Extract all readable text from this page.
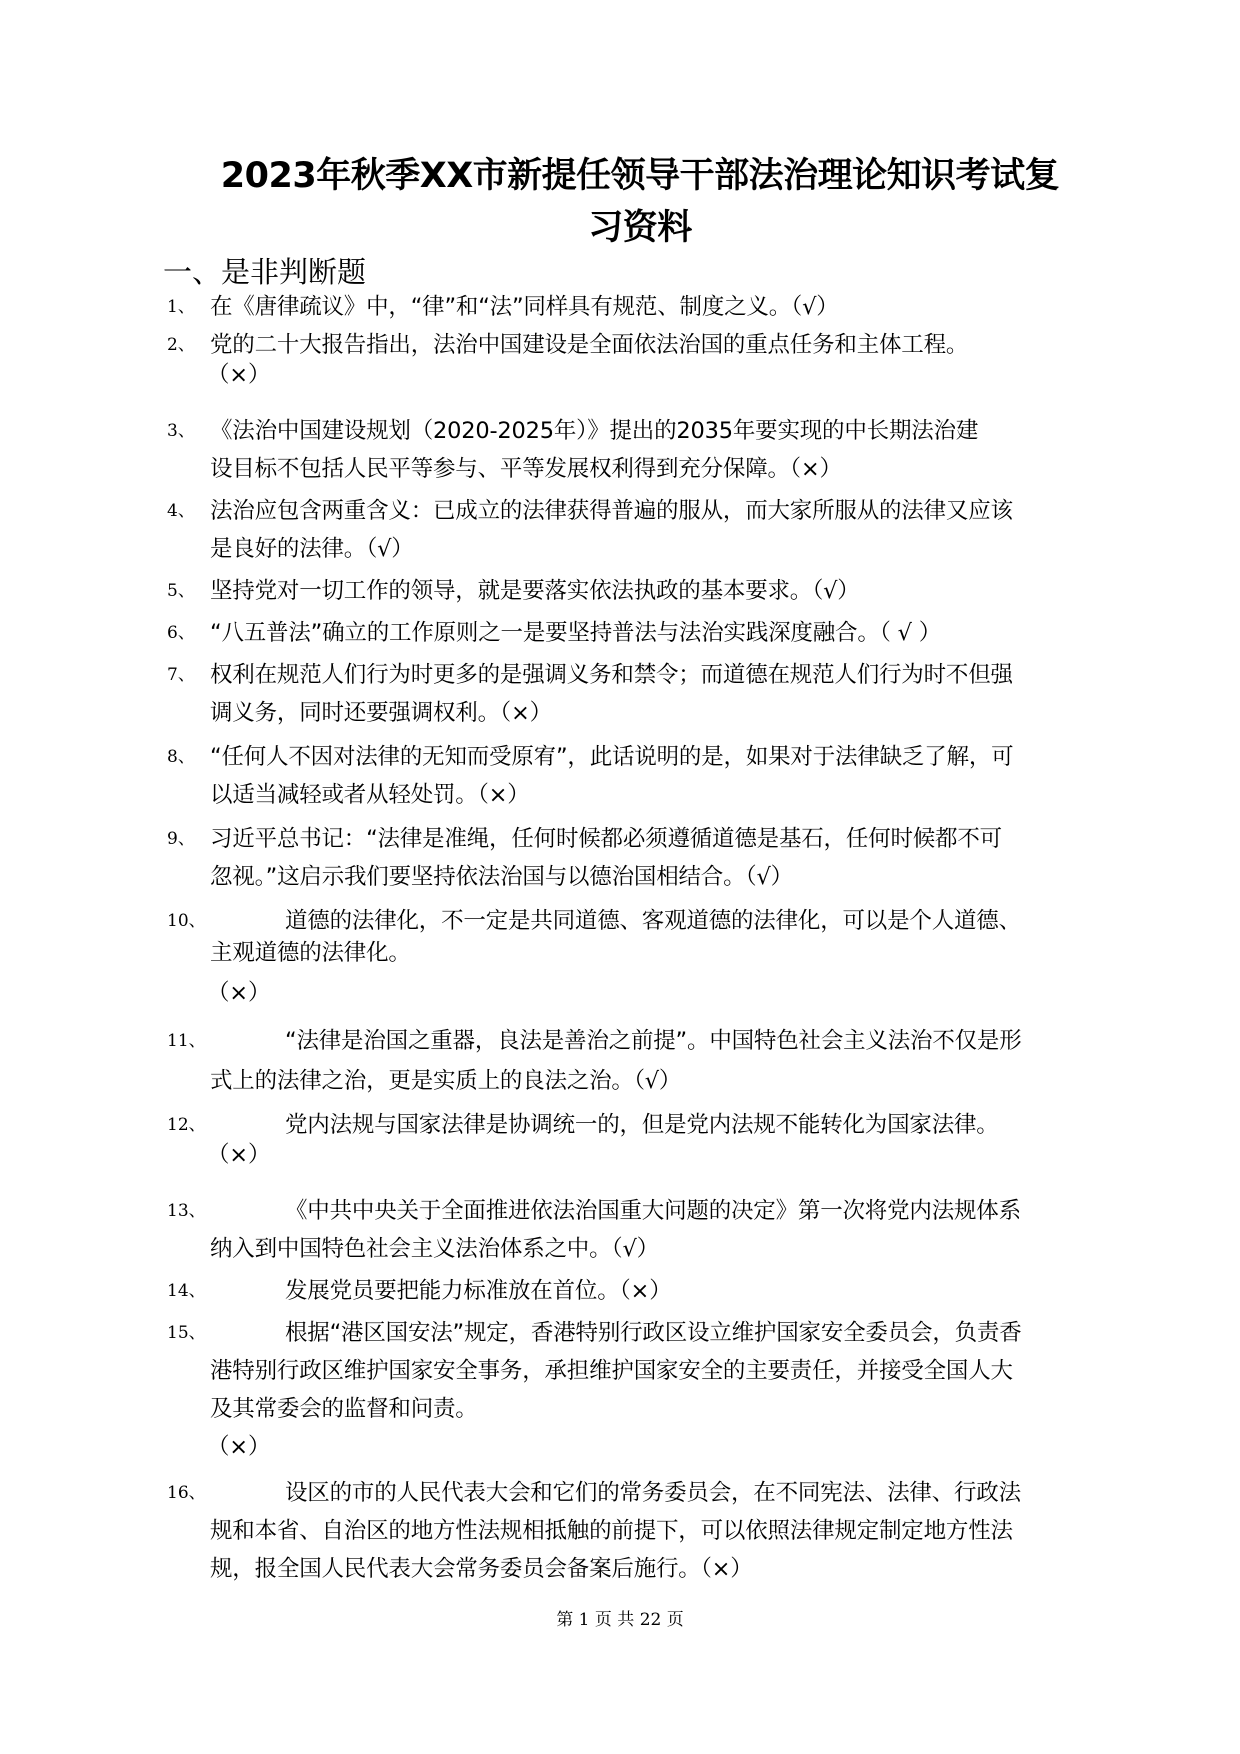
2023年秋季XX市新提任领导干部法治理论知识考试复
习资料
一、是非判断题
1、 在《唐律疏议》中，“律”和“法”同样具有规范、制度之义。（√）
2、 党的二十大报告指出，法治中国建设是全面依法治国的重点任务和主体工程。
（×）
3、 《法治中国建设规划（2020-2025年）》提出的2035年要实现的中长期法治建
设目标不包括人民平等参与、平等发展权利得到充分保障。（×）
4、 法治应包含两重含义：已成立的法律获得普遍的服从，而大家所服从的法律又应该
是良好的法律。（√）
5、 坚持党对一切工作的领导，就是要落实依法执政的基本要求。（√）
6、 “八五普法”确立的工作原则之一是要坚持普法与法治实践深度融合。（ √ ）
7、 权利在规范人们行为时更多的是强调义务和禁令；而道德在规范人们行为时不但强
调义务，同时还要强调权利。（×）
8、 “任何人不因对法律的无知而受原宥”，此话说明的是，如果对于法律缺乏了解，可
以适当减轻或者从轻处罚。（×）
9、 习近平总书记：“法律是准绳，任何时候都必须遵循道德是基石，任何时候都不可
忽视。”这启示我们要坚持依法治国与以德治国相结合。（√）
10、	道德的法律化，不一定是共同道德、客观道德的法律化，可以是个人道德、
主观道德的法律化。
（×）
11、	“法律是治国之重器，良法是善治之前提”。中国特色社会主义法治不仅是形
式上的法律之治，更是实质上的良法之治。（√）
12、	党内法规与国家法律是协调统一的，但是党内法规不能转化为国家法律。
（×）
13、	《中共中央关于全面推进依法治国重大问题的决定》第一次将党内法规体系
纳入到中国特色社会主义法治体系之中。（√）
14、	发展党员要把能力标准放在首位。（×）
15、	根据“港区国安法”规定，香港特别行政区设立维护国家安全委员会，负责香
港特别行政区维护国家安全事务，承担维护国家安全的主要责任，并接受全国人大
及其常委会的监督和问责。
（×）
16、	设区的市的人民代表大会和它们的常务委员会，在不同宪法、法律、行政法
规和本省、自治区的地方性法规相抵触的前提下，可以依照法律规定制定地方性法
规，报全国人民代表大会常务委员会备案后施行。（×）
第 1 页 共 22 页
